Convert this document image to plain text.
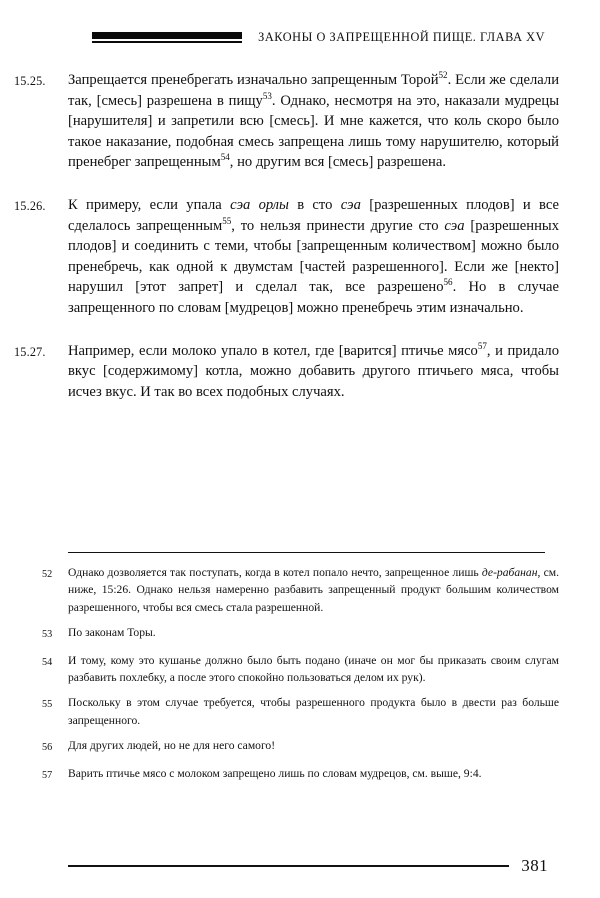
ЗАКОНЫ О ЗАПРЕЩЕННОЙ ПИЩЕ. ГЛАВА XV
15.25.	Запрещается пренебрегать изначально запрещенным Торой$^{52}$. Если же сделали так, [смесь] разрешена в пищу$^{53}$. Однако, несмотря на это, наказали мудрецы [нарушителя] и запретили всю [смесь]. И мне кажется, что коль скоро было такое наказание, подобная смесь запрещена лишь тому нарушителю, который пренебрег запрещенным$^{54}$, но другим вся [смесь] разрешена.
15.26.	К примеру, если упала сэа орлы в сто сэа [разрешенных плодов] и все сделалось запрещенным$^{55}$, то нельзя принести другие сто сэа [разрешенных плодов] и соединить с теми, чтобы [запрещенным количеством] можно было пренебречь, как одной к двумстам [частей разрешенного]. Если же [некто] нарушил [этот запрет] и сделал так, все разрешено$^{56}$. Но в случае запрещенного по словам [мудрецов] можно пренебречь этим изначально.
15.27.	Например, если молоко упало в котел, где [варится] птичье мясо$^{57}$, и придало вкус [содержимому] котла, можно добавить другого птичьего мяса, чтобы исчез вкус. И так во всех подобных случаях.
52	Однако дозволяется так поступать, когда в котел попало нечто, запрещенное лишь де-рабанан, см. ниже, 15:26. Однако нельзя намеренно разбавить запрещенный продукт большим количеством разрешенного, чтобы вся смесь стала разрешенной.
53	По законам Торы.
54	И тому, кому это кушанье должно было быть подано (иначе он мог бы приказать своим слугам разбавить похлебку, а после этого спокойно пользоваться делом их рук).
55	Поскольку в этом случае требуется, чтобы разрешенного продукта было в двести раз больше запрещенного.
56	Для других людей, но не для него самого!
57	Варить птичье мясо с молоком запрещено лишь по словам мудрецов, см. выше, 9:4.
381
